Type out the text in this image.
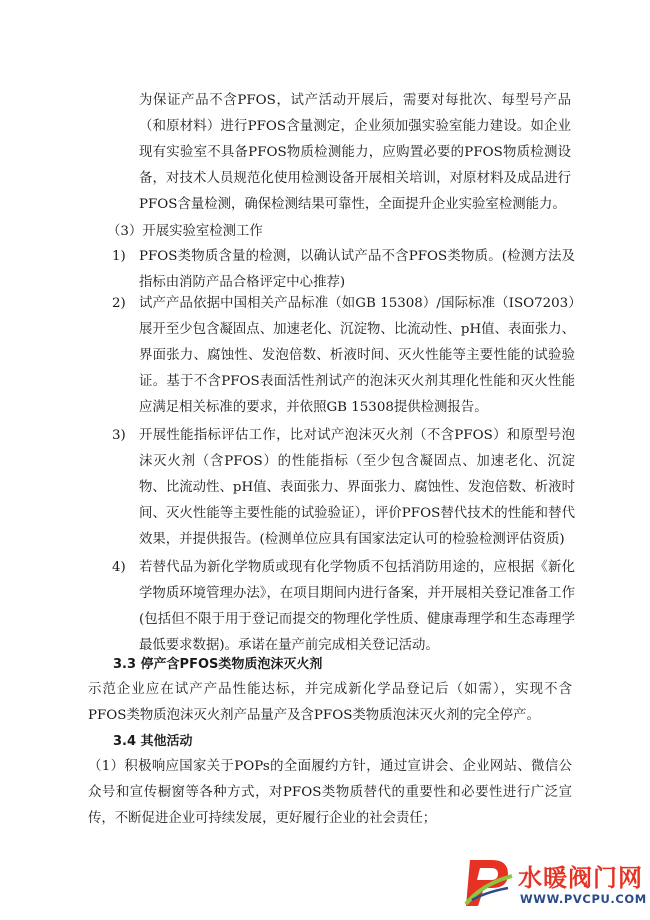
为保证产品不含PFOS，试产活动开展后，需要对每批次、每型号产品（和原材料）进行PFOS含量测定，企业须加强实验室能力建设。如企业现有实验室不具备PFOS物质检测能力，应购置必要的PFOS物质检测设备，对技术人员规范化使用检测设备开展相关培训，对原材料及成品进行PFOS含量检测，确保检测结果可靠性，全面提升企业实验室检测能力。

（3）开展实验室检测工作

1) PFOS类物质含量的检测，以确认试产品不含PFOS类物质。(检测方法及指标由消防产品合格评定中心推荐)

2) 试产产品依据中国相关产品标准（如GB 15308）/国际标准（ISO7203）展开至少包含凝固点、加速老化、沉淀物、比流动性、pH值、表面张力、界面张力、腐蚀性、发泡倍数、析液时间、灭火性能等主要性能的试验验证。基于不含PFOS表面活性剂试产的泡沫灭火剂其理化性能和灭火性能应满足相关标准的要求，并依照GB 15308提供检测报告。

3) 开展性能指标评估工作，比对试产泡沫灭火剂（不含PFOS）和原型号泡沫灭火剂（含PFOS）的性能指标（至少包含凝固点、加速老化、沉淀物、比流动性、pH值、表面张力、界面张力、腐蚀性、发泡倍数、析液时间、灭火性能等主要性能的试验验证），评价PFOS替代技术的性能和替代效果，并提供报告。(检测单位应具有国家法定认可的检验检测评估资质)

4) 若替代品为新化学物质或现有化学物质不包括消防用途的，应根据《新化学物质环境管理办法》，在项目期间内进行备案，并开展相关登记准备工作(包括但不限于用于登记而提交的物理化学性质、健康毒理学和生态毒理学最低要求数据)。承诺在量产前完成相关登记活动。

3.3 停产含PFOS类物质泡沫灭火剂

示范企业应在试产产品性能达标，并完成新化学品登记后（如需），实现不含PFOS类物质泡沫灭火剂产品量产及含PFOS类物质泡沫灭火剂的完全停产。

3.4 其他活动

（1）积极响应国家关于POPs的全面履约方针，通过宣讲会、企业网站、微信公众号和宣传橱窗等各种方式，对PFOS类物质替代的重要性和必要性进行广泛宣传，不断促进企业可持续发展，更好履行企业的社会责任；

水暖阀门网
WWW.PVCPU.COM
